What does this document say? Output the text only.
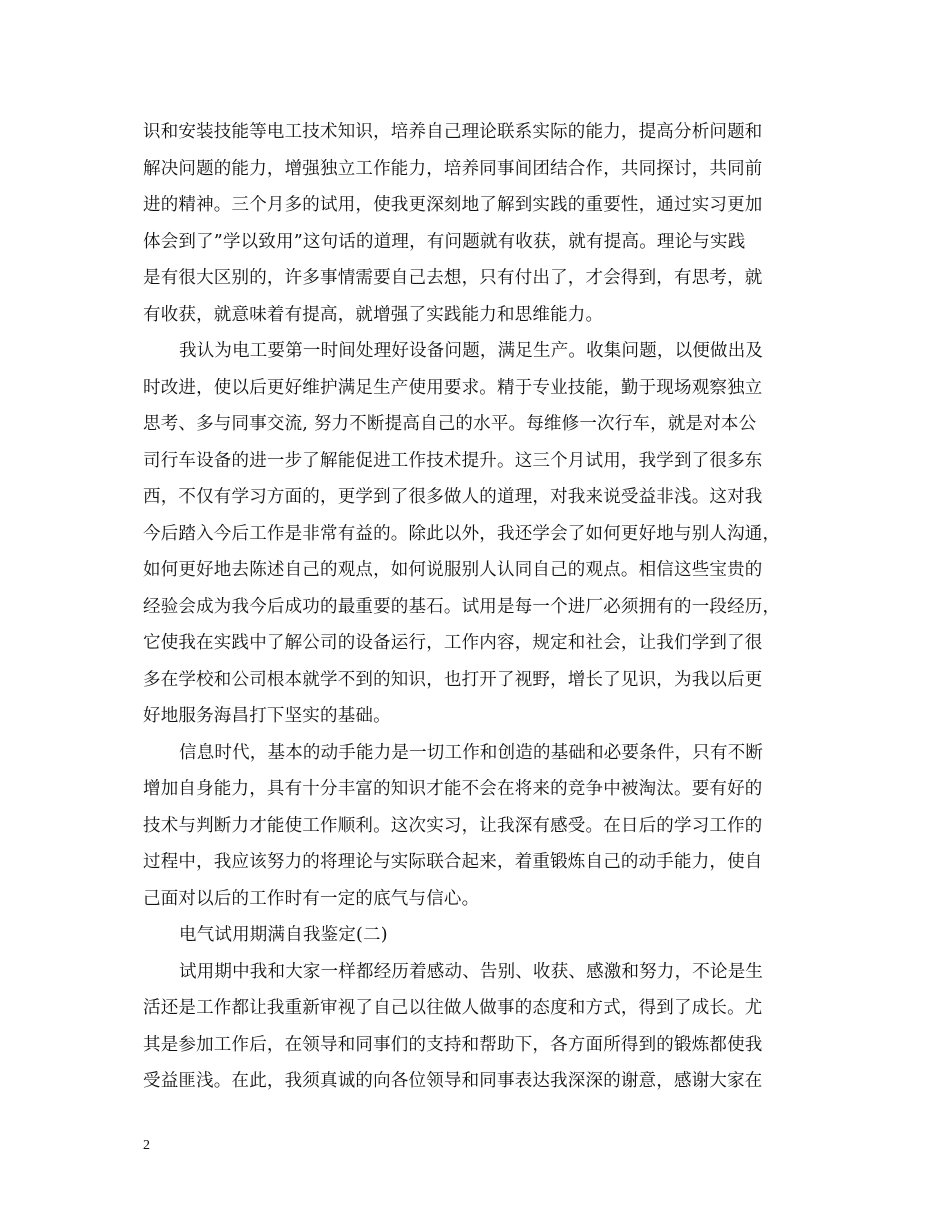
识和安装技能等电工技术知识，培养自己理论联系实际的能力，提高分析问题和
解决问题的能力，增强独立工作能力，培养同事间团结合作，共同探讨，共同前
进的精神。三个月多的试用，使我更深刻地了解到实践的重要性，通过实习更加
体会到了”学以致用”这句话的道理，有问题就有收获，就有提高。理论与实践
是有很大区别的，许多事情需要自己去想，只有付出了，才会得到，有思考，就
有收获，就意味着有提高，就增强了实践能力和思维能力。
我认为电工要第一时间处理好设备问题，满足生产。收集问题，以便做出及
时改进，使以后更好维护满足生产使用要求。精于专业技能，勤于现场观察独立
思考、多与同事交流, 努力不断提高自己的水平。每维修一次行车，就是对本公
司行车设备的进一步了解能促进工作技术提升。这三个月试用，我学到了很多东
西，不仅有学习方面的，更学到了很多做人的道理，对我来说受益非浅。这对我
今后踏入今后工作是非常有益的。除此以外，我还学会了如何更好地与别人沟通，
如何更好地去陈述自己的观点，如何说服别人认同自己的观点。相信这些宝贵的
经验会成为我今后成功的最重要的基石。试用是每一个进厂必须拥有的一段经历，
它使我在实践中了解公司的设备运行，工作内容，规定和社会，让我们学到了很
多在学校和公司根本就学不到的知识，也打开了视野，增长了见识，为我以后更
好地服务海昌打下坚实的基础。
信息时代，基本的动手能力是一切工作和创造的基础和必要条件，只有不断
增加自身能力，具有十分丰富的知识才能不会在将来的竞争中被淘汰。要有好的
技术与判断力才能使工作顺利。这次实习，让我深有感受。在日后的学习工作的
过程中，我应该努力的将理论与实际联合起来，着重锻炼自己的动手能力，使自
己面对以后的工作时有一定的底气与信心。
电气试用期满自我鉴定(二)
试用期中我和大家一样都经历着感动、告别、收获、感激和努力，不论是生
活还是工作都让我重新审视了自己以往做人做事的态度和方式，得到了成长。尤
其是参加工作后，在领导和同事们的支持和帮助下，各方面所得到的锻炼都使我
受益匪浅。在此，我须真诚的向各位领导和同事表达我深深的谢意，感谢大家在
2
